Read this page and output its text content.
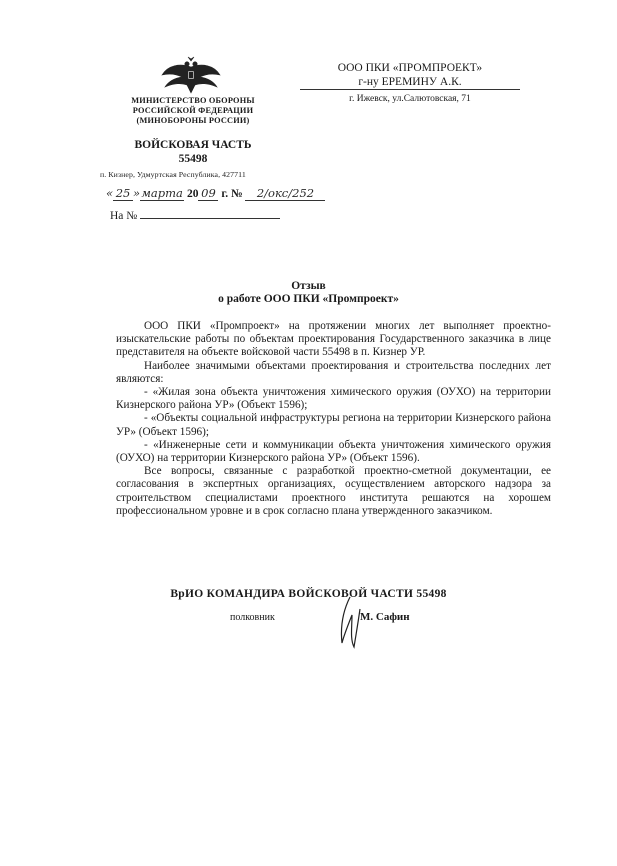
МИНИСТЕРСТВО ОБОРОНЫ
РОССИЙСКОЙ ФЕДЕРАЦИИ
(МИНОБОРОНЫ РОССИИ)
ВОЙСКОВАЯ ЧАСТЬ
55498
п. Кизнер, Удмуртская Республика, 427711
« 25 »марта 20 09 г. № 2/окс/252
На №
ООО ПКИ «ПРОМПРОЕКТ»
г-ну ЕРЕМИНУ А.К.
г. Ижевск, ул.Салютовская, 71
Отзыв
о работе ООО ПКИ «Промпроект»

ООО ПКИ «Промпроект» на протяжении многих лет выполняет проектно-изыскательские работы по объектам проектирования Государственного заказчика в лице представителя на объекте войсковой части 55498 в п. Кизнер УР.

Наиболее значимыми объектами проектирования и строительства последних лет являются:

- «Жилая зона объекта уничтожения химического оружия (ОУХО) на территории Кизнерского района УР» (Объект 1596);

- «Объекты социальной инфраструктуры региона на территории Кизнерского района УР» (Объект 1596);

- «Инженерные сети и коммуникации объекта уничтожения химического оружия (ОУХО) на территории Кизнерского района УР» (Объект 1596).

Все вопросы, связанные с разработкой проектно-сметной документации, ее согласования в экспертных организациях, осуществлением авторского надзора за строительством специалистами проектного института решаются на хорошем профессиональном уровне и в срок согласно плана утвержденного заказчиком.

ВрИО КОМАНДИРА ВОЙСКОВОЙ ЧАСТИ 55498
полковник	М. Сафин
